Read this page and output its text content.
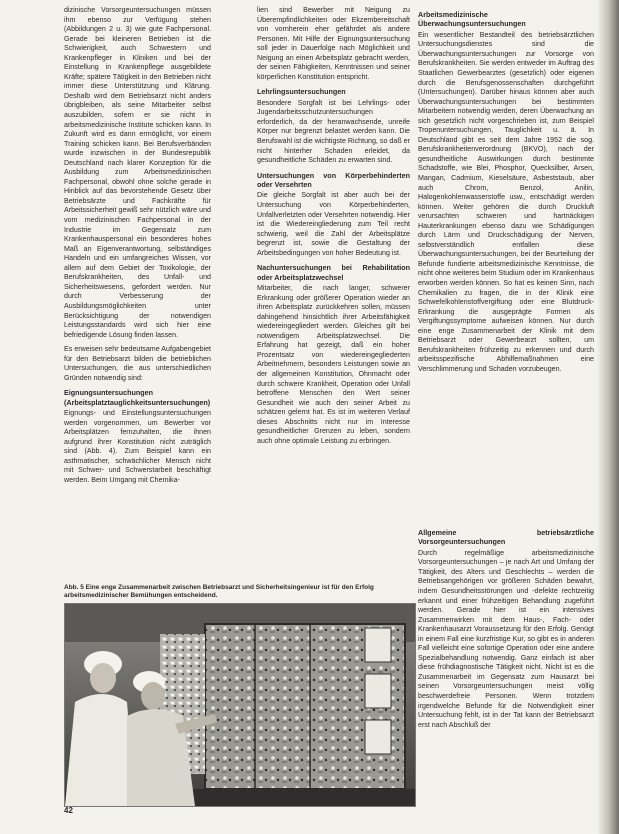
dizinische Vorsorgeuntersuchungen müssen ihm ebenso zur Verfügung stehen (Abbildungen 2 u. 3) wie gute Fachpersonal. Gerade bei kleineren Betrieben ist die Schwierigkeit, auch Schwestern und Krankenpfleger in Kliniken und bei der Einstellung in Krankenpflege ausgebildete Kräfte; spätere Tätigkeit in den Betrieben nicht immer diese Unterstützung und Klärung. Deshalb wird dem Betriebsarzt nicht anders übrigbleiben, als seine Mitarbeiter selbst auszubilden, sofern er sie nicht in arbeitsmedizinische Institute schicken kann. In Zukunft wird es dann ermöglicht, vor einem Training schicken kann. Bei Berufsverbänden wurde inzwischen in der Bundesrepublik Deutschland nach klarer Konzeption für die Ausbildung zum Arbeitsmedizinischen Fachpersonal, obwohl ohne solche gerade in Hinblick auf das bevorstehende Gesetz über Betriebsärzte und Fachkräfte für Arbeitssicherheit gewiß sehr nützlich wäre und vom medizinischen Fachpersonal in der Industrie im Gegensatz zum Krankenhauspersonal ein besonderes hohes Maß an Eigenverantwortung, selbständiges Handeln und ein umfangreiches Wissen, vor allem auf dem Gebiet der Toxikologie, der Berufskrankheiten, des Unfall- und Sicherheitswesens, gefordert werden. Nur durch Verbesserung der Ausbildungsmöglichkeiten unter Berücksichtigung der notwendigen Leistungsstandards wird sich hier eine befriedigende Lösung finden lassen.

Es erweisen sehr bedeutsame Aufgabengebiet für den Betriebsarzt bilden die betrieblichen Untersuchungen, die aus unterschiedlichen Gründen notwendig sind:

Eignungsuntersuchungen (Arbeitsplatztauglichkeitsuntersuchungen)

Eignungs- und Einstellungsuntersuchungen werden vorgenommen, um Bewerber vor Arbeitsplätzen fernzuhalten, die ihnen aufgrund ihrer Konstitution nicht zuträglich sind (Abb. 4). Zum Beispiel kann ein asthmatischer, schwächlicher Mensch nicht mit Schwer- und Schwerstarbeit beschäftigt werden. Beim Umgang mit Chemika-

lien sind Bewerber mit Neigung zu Überempfindlichkeiten oder Ekzembereitschaft von vornherein eher gefährdet als andere Personen. Mit Hilfe der Eignungsuntersuchung soll jeder in Dauerfolge nach Möglichkeit und Neigung an einen Arbeitsplatz gebracht werden, der seinen Fähigkeiten, Kenntnissen und seiner körperlichen Konstitution entspricht.

Lehrlingsuntersuchungen

Besondere Sorgfalt ist bei Lehrlings- oder Jugendarbeitsschutzuntersuchungen erforderlich, da der heranwachsende, unreife Körper nur begrenzt belastet werden kann. Die Berufswahl ist die wichtigste Richtung, so daß er nicht hinterher Schaden erleidet, da gesundheitliche Schäden zu erwarten sind.

Untersuchungen von Körperbehinderten oder Versehrten

Die gleiche Sorgfalt ist aber auch bei der Untersuchung von Körperbehinderten, Unfallverletzten oder Versehrten notwendig. Hier ist die Wiedereingliederung zum Teil recht schwierig, weil die Zahl der Arbeitsplätze begrenzt ist, sowie die Gestaltung der Arbeitsbedingungen von hoher Bedeutung ist.

Nachuntersuchungen bei Rehabilitation oder Arbeitsplatzwechsel

Mitarbeiter, die nach langer, schwerer Erkrankung oder größerer Operation wieder an ihren Arbeitsplatz zurückkehren sollen, müssen dahingehend hinsichtlich ihrer Arbeitsfähigkeit wiedereingegliedert werden. Gleiches gilt bei notwendigem Arbeitsplatzwechsel. Die Erfahrung hat gezeigt, daß ein hoher Prozentsatz von wiedereingegliederten Arbeitnehmern, besonders Leistungen sowie an der allgemeinen Konstitution, Ohnmacht oder durch schwere Krankheit, Operation oder Unfall betroffene Menschen den Wert seiner Gesundheit wie auch den seiner Arbeit zu schätzen gelernt hat. Es ist im weiteren Verlauf dieses Abschnitts nicht nur im Interesse gesundheitlicher Grenzen zu leben, sondern auch ohne optimale Leistung zu erbringen.

Arbeitsmedizinische Überwachungsuntersuchungen

Ein wesentlicher Bestandteil des betriebsärztlichen Untersuchungsdienstes sind die Überwachungsuntersuchungen zur Vorsorge von Berufskrankheiten. Sie werden entweder im Auftrag des Staatlichen Gewerbearztes (gesetzlich) oder eigenen durch die Berufsgenossenschaften durchgeführt (Untersuchungen). Darüber hinaus können aber auch Überwachungsuntersuchungen bei bestimmten Mitarbeitern notwendig werden, deren Überwachung an sich gesetzlich nicht vorgeschrieben ist, zum Beispiel Tropenuntersuchungen, Tauglichkeit u. ä. In Deutschland gibt es seit dem Jahre 1952 die sog. Berufskrankheitenverordnung (BKVO), nach der gesundheitliche Auswirkungen durch bestimmte Schadstoffe, wie Blei, Phosphor, Quecksilber, Arsen, Mangan, Cadmium, Kieselsäure, Asbeststaub, aber auch Chrom, Benzol, Anilin, Halogenkohlenwasserstoffe usw., entschädigt werden können. Weiter gehören die durch Druckluft verursachten schweren und hartnäckigen Hauterkrankungen ebenso dazu wie Schädigungen durch Lärm und Druckschädigung der Nerven, selbstverständlich entfallen diese Überwachungsuntersuchungen, bei der Beurteilung der Befunde fundierte arbeitsmedizinische Kenntnisse, die nicht ohne weiteres beim Studium oder im Krankenhaus erworben werden können. So hat es keinen Sinn, nach Chemikalien zu fragen, die in der Klinik eine Schwefelkohlenstoffvergiftung oder eine Blutdruck-Erkrankung die ausgeprägte Formen als Vergiftungssymptome aufweisen können. Nur durch eine enge Zusammenarbeit der Klinik mit dem Betriebsarzt oder Gewerbearzt sollten, um Berufskrankheiten frühzeitig zu erkennen und durch arbeitsspezifische Abhilfemaßnahmen eine Verschlimmerung und Schaden vorzubeugen.

Allgemeine betriebsärztliche Vorsorgeuntersuchungen

Durch regelmäßige arbeitsmedizinische Vorsorgeuntersuchungen – je nach Art und Umfang der Tätigkeit, des Alters und Geschlechts – werden die Betriebsangehörigen vor größeren Schäden bewahrt, indem Gesundheitsstörungen und -defekte rechtzeitig erkannt und einer frühzeitigen Behandlung zugeführt werden. Gerade hier ist ein intensives Zusammenwirken mit dem Haus-, Fach- oder Krankenhausarzt Voraussetzung für den Erfolg. Genügt in einem Fall eine kurzfristige Kur, so gibt es in anderen Fall vielleicht eine sofortige Operation oder eine andere Spezialbehandlung notwendig. Ganz einfach ist aber diese frühdiagnostische Tätigkeit nicht. Nicht ist es die Zusammenarbeit im Gegensatz zum Hausarzt bei seinen Vorsorgeuntersuchungen meist völlig beschwerdefreie Personen. Wenn trotzdem irgendwelche Befunde für die Notwendigkeit einer Untersuchung fehlt, ist in der Tat kann der Betriebsarzt erst nach Abschluß der

Abb. 5 Eine enge Zusammenarbeit zwischen Betriebsarzt und Sicherheitsingenieur ist für den Erfolg arbeitsmedizinischer Bemühungen entscheidend.
42
